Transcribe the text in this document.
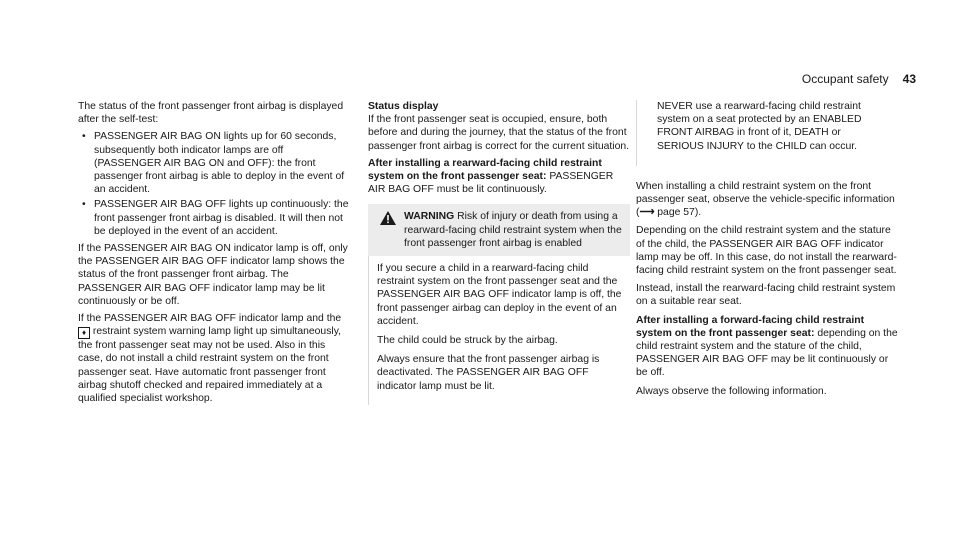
Occupant safety 43

The status of the front passenger front airbag is displayed after the self-test:

• PASSENGER AIR BAG ON lights up for 60 seconds, subsequently both indicator lamps are off (PASSENGER AIR BAG ON and OFF): the front passenger front airbag is able to deploy in the event of an accident.
• PASSENGER AIR BAG OFF lights up continuously: the front passenger front airbag is disabled. It will then not be deployed in the event of an accident.

If the PASSENGER AIR BAG ON indicator lamp is off, only the PASSENGER AIR BAG OFF indicator lamp shows the status of the front passenger front airbag. The PASSENGER AIR BAG OFF indicator lamp may be lit continuously or be off.

If the PASSENGER AIR BAG OFF indicator lamp and the ♦ restraint system warning lamp light up simultaneously, the front passenger seat may not be used. Also in this case, do not install a child restraint system on the front passenger seat. Have automatic front passenger front airbag shutoff checked and repaired immediately at a qualified specialist workshop.

Status display

If the front passenger seat is occupied, ensure, both before and during the journey, that the status of the front passenger front airbag is correct for the current situation.

After installing a rearward-facing child restraint system on the front passenger seat: PASSENGER AIR BAG OFF must be lit continuously.

WARNING Risk of injury or death from using a rearward-facing child restraint system when the front passenger front airbag is enabled

If you secure a child in a rearward-facing child restraint system on the front passenger seat and the PASSENGER AIR BAG OFF indicator lamp is off, the front passenger airbag can deploy in the event of an accident.

The child could be struck by the airbag.

Always ensure that the front passenger airbag is deactivated. The PASSENGER AIR BAG OFF indicator lamp must be lit.

NEVER use a rearward-facing child restraint system on a seat protected by an ENABLED FRONT AIRBAG in front of it, DEATH or SERIOUS INJURY to the CHILD can occur.

When installing a child restraint system on the front passenger seat, observe the vehicle-specific information (⟶ page 57).

Depending on the child restraint system and the stature of the child, the PASSENGER AIR BAG OFF indicator lamp may be off. In this case, do not install the rearward-facing child restraint system on the front passenger seat.

Instead, install the rearward-facing child restraint system on a suitable rear seat.

After installing a forward-facing child restraint system on the front passenger seat: depending on the child restraint system and the stature of the child, PASSENGER AIR BAG OFF may be lit continuously or be off.

Always observe the following information.
